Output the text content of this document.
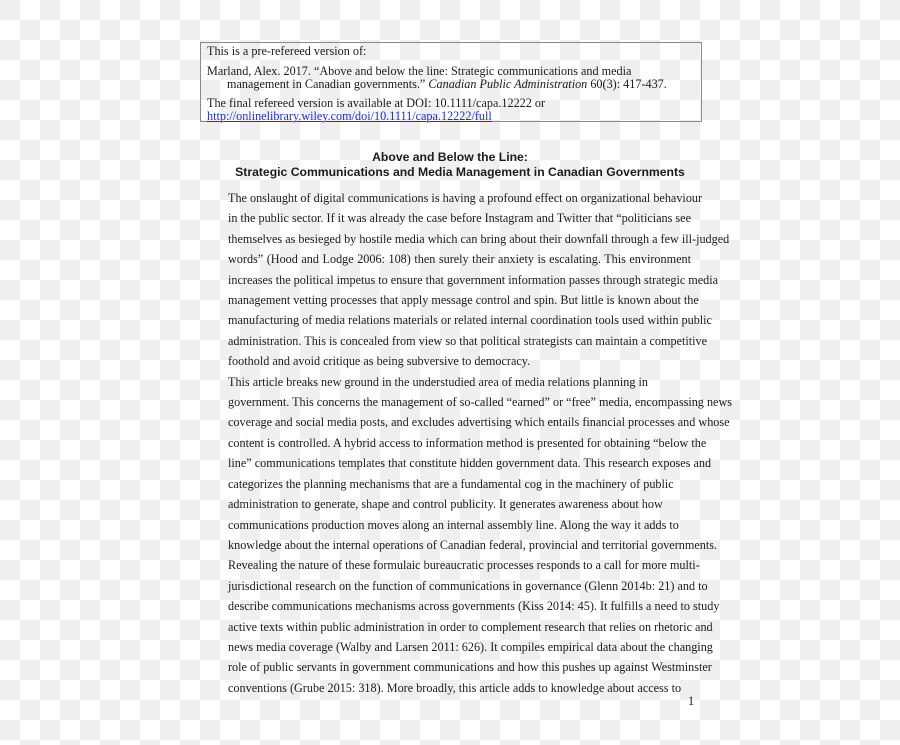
This is a pre-refereed version of:

Marland, Alex. 2017. “Above and below the line: Strategic communications and media management in Canadian governments.” Canadian Public Administration 60(3): 417-437.

The final refereed version is available at DOI: 10.1111/capa.12222 or

http://onlinelibrary.wiley.com/doi/10.1111/capa.12222/full
Above and Below the Line:
Strategic Communications and Media Management in Canadian Governments

The onslaught of digital communications is having a profound effect on organizational behaviour
in the public sector. If it was already the case before Instagram and Twitter that “politicians see
themselves as besieged by hostile media which can bring about their downfall through a few ill-judged
words” (Hood and Lodge 2006: 108) then surely their anxiety is escalating. This environment
increases the political impetus to ensure that government information passes through strategic media
management vetting processes that apply message control and spin. But little is known about the
manufacturing of media relations materials or related internal coordination tools used within public
administration. This is concealed from view so that political strategists can maintain a competitive
foothold and avoid critique as being subversive to democracy.

This article breaks new ground in the understudied area of media relations planning in
government. This concerns the management of so-called “earned” or “free” media, encompassing news
coverage and social media posts, and excludes advertising which entails financial processes and whose
content is controlled. A hybrid access to information method is presented for obtaining “below the
line” communications templates that constitute hidden government data. This research exposes and
categorizes the planning mechanisms that are a fundamental cog in the machinery of public
administration to generate, shape and control publicity. It generates awareness about how
communications production moves along an internal assembly line. Along the way it adds to
knowledge about the internal operations of Canadian federal, provincial and territorial governments.

Revealing the nature of these formulaic bureaucratic processes responds to a call for more multi-
jurisdictional research on the function of communications in governance (Glenn 2014b: 21) and to
describe communications mechanisms across governments (Kiss 2014: 45). It fulfills a need to study
active texts within public administration in order to complement research that relies on rhetoric and
news media coverage (Walby and Larsen 2011: 626). It compiles empirical data about the changing
role of public servants in government communications and how this pushes up against Westminster
conventions (Grube 2015: 318). More broadly, this article adds to knowledge about access to

1
